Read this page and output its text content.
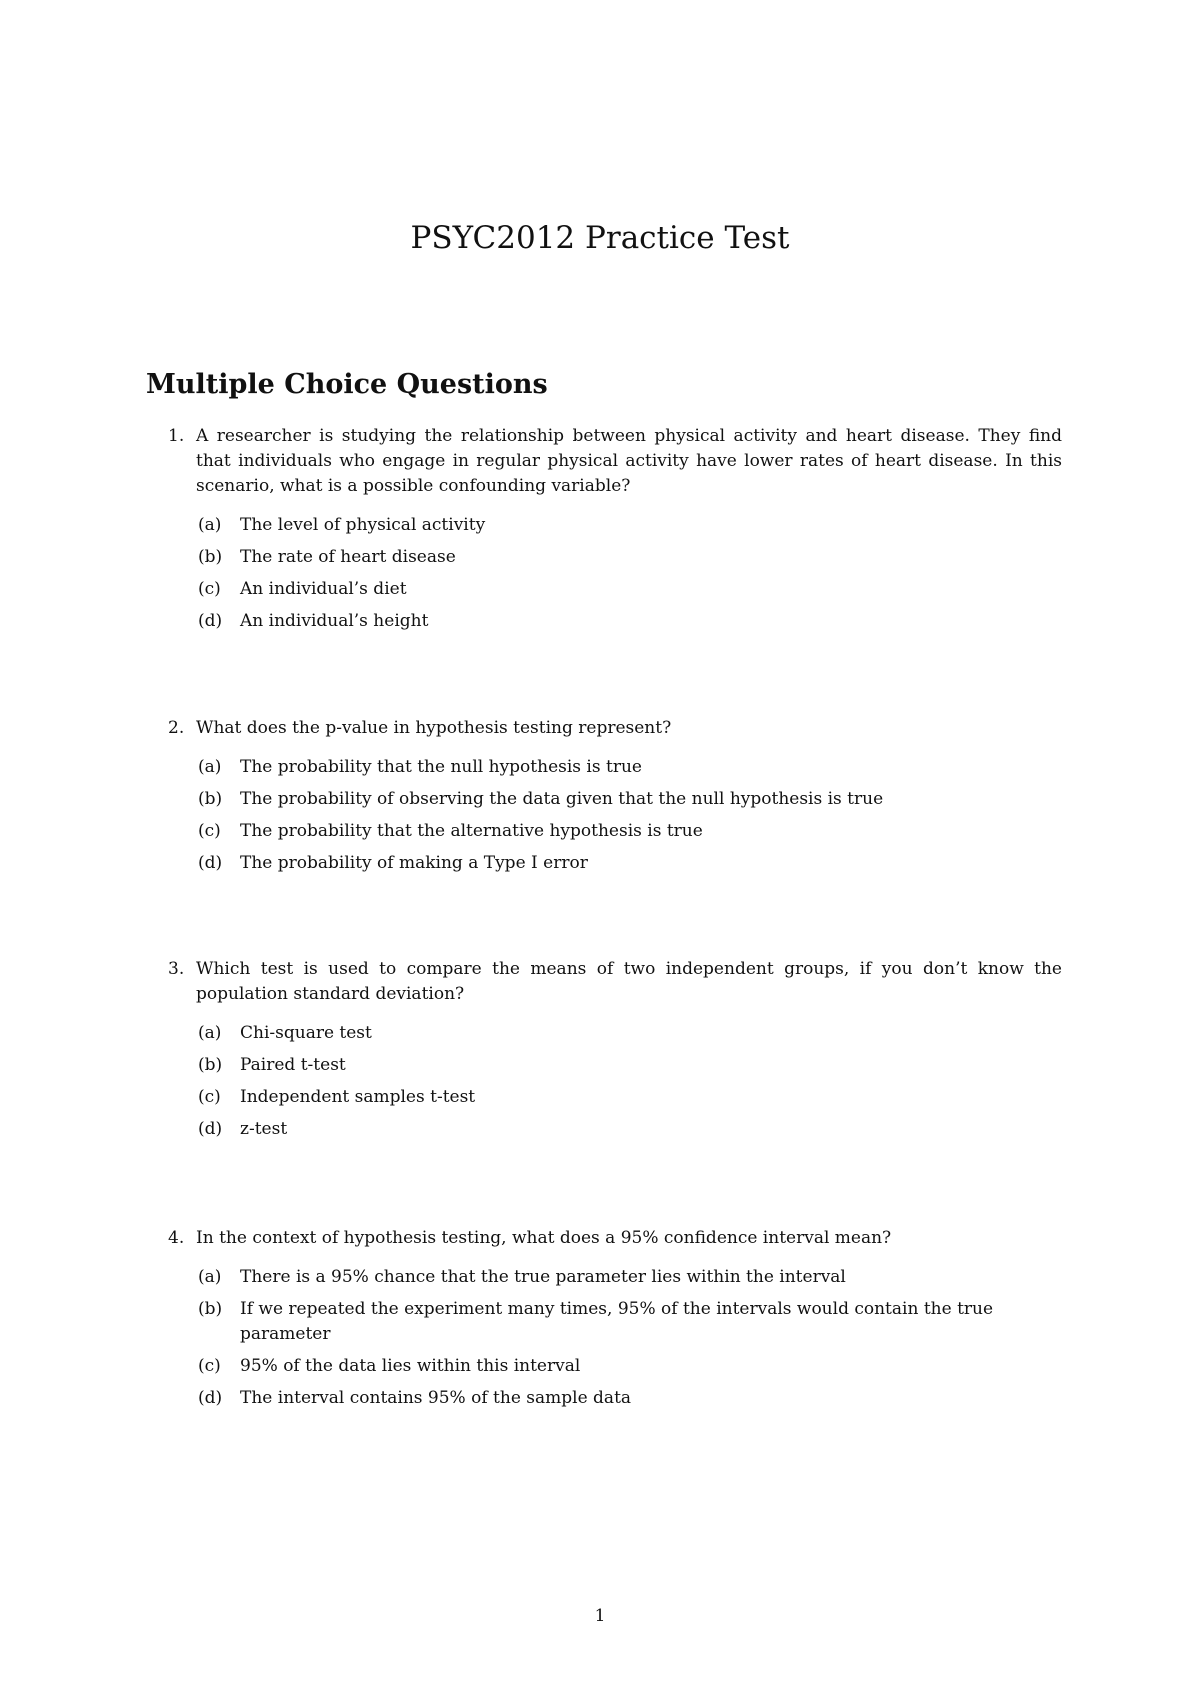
PSYC2012 Practice Test
Multiple Choice Questions
1. A researcher is studying the relationship between physical activity and heart disease. They find that individuals who engage in regular physical activity have lower rates of heart disease. In this scenario, what is a possible confounding variable?
(a)	The level of physical activity
(b)	The rate of heart disease
(c)	An individual’s diet
(d)	An individual’s height
2. What does the p-value in hypothesis testing represent?
(a)	The probability that the null hypothesis is true
(b)	The probability of observing the data given that the null hypothesis is true
(c)	The probability that the alternative hypothesis is true
(d)	The probability of making a Type I error
3. Which test is used to compare the means of two independent groups, if you don’t know the population standard deviation?
(a)	Chi-square test
(b)	Paired t-test
(c)	Independent samples t-test
(d)	z-test
4. In the context of hypothesis testing, what does a 95% confidence interval mean?
(a)	There is a 95% chance that the true parameter lies within the interval
(b)	If we repeated the experiment many times, 95% of the intervals would contain the true parameter
(c)	95% of the data lies within this interval
(d)	The interval contains 95% of the sample data
1
